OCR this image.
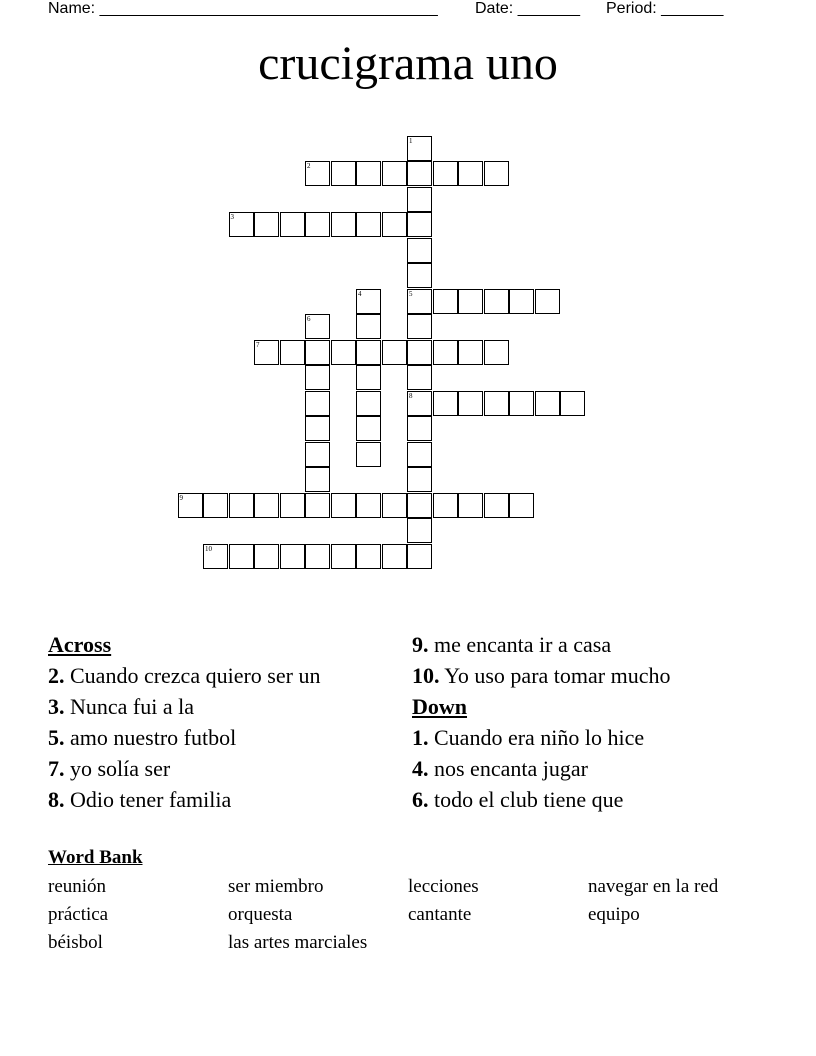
Name: ______________________________________ Date: _______ Period: _______
crucigrama uno
1
2
3
4	5
6
7
8
9
10
Across
2. Cuando crezca quiero ser un
3. Nunca fui a la
5. amo nuestro futbol
7. yo solía ser
8. Odio tener familia
9. me encanta ir a casa
10. Yo uso para tomar mucho
Down
1. Cuando era niño lo hice
4. nos encanta jugar
6. todo el club tiene que
Word Bank
reunión	ser miembro	lecciones	navegar en la red
práctica	orquesta	cantante	equipo
béisbol	las artes marciales
